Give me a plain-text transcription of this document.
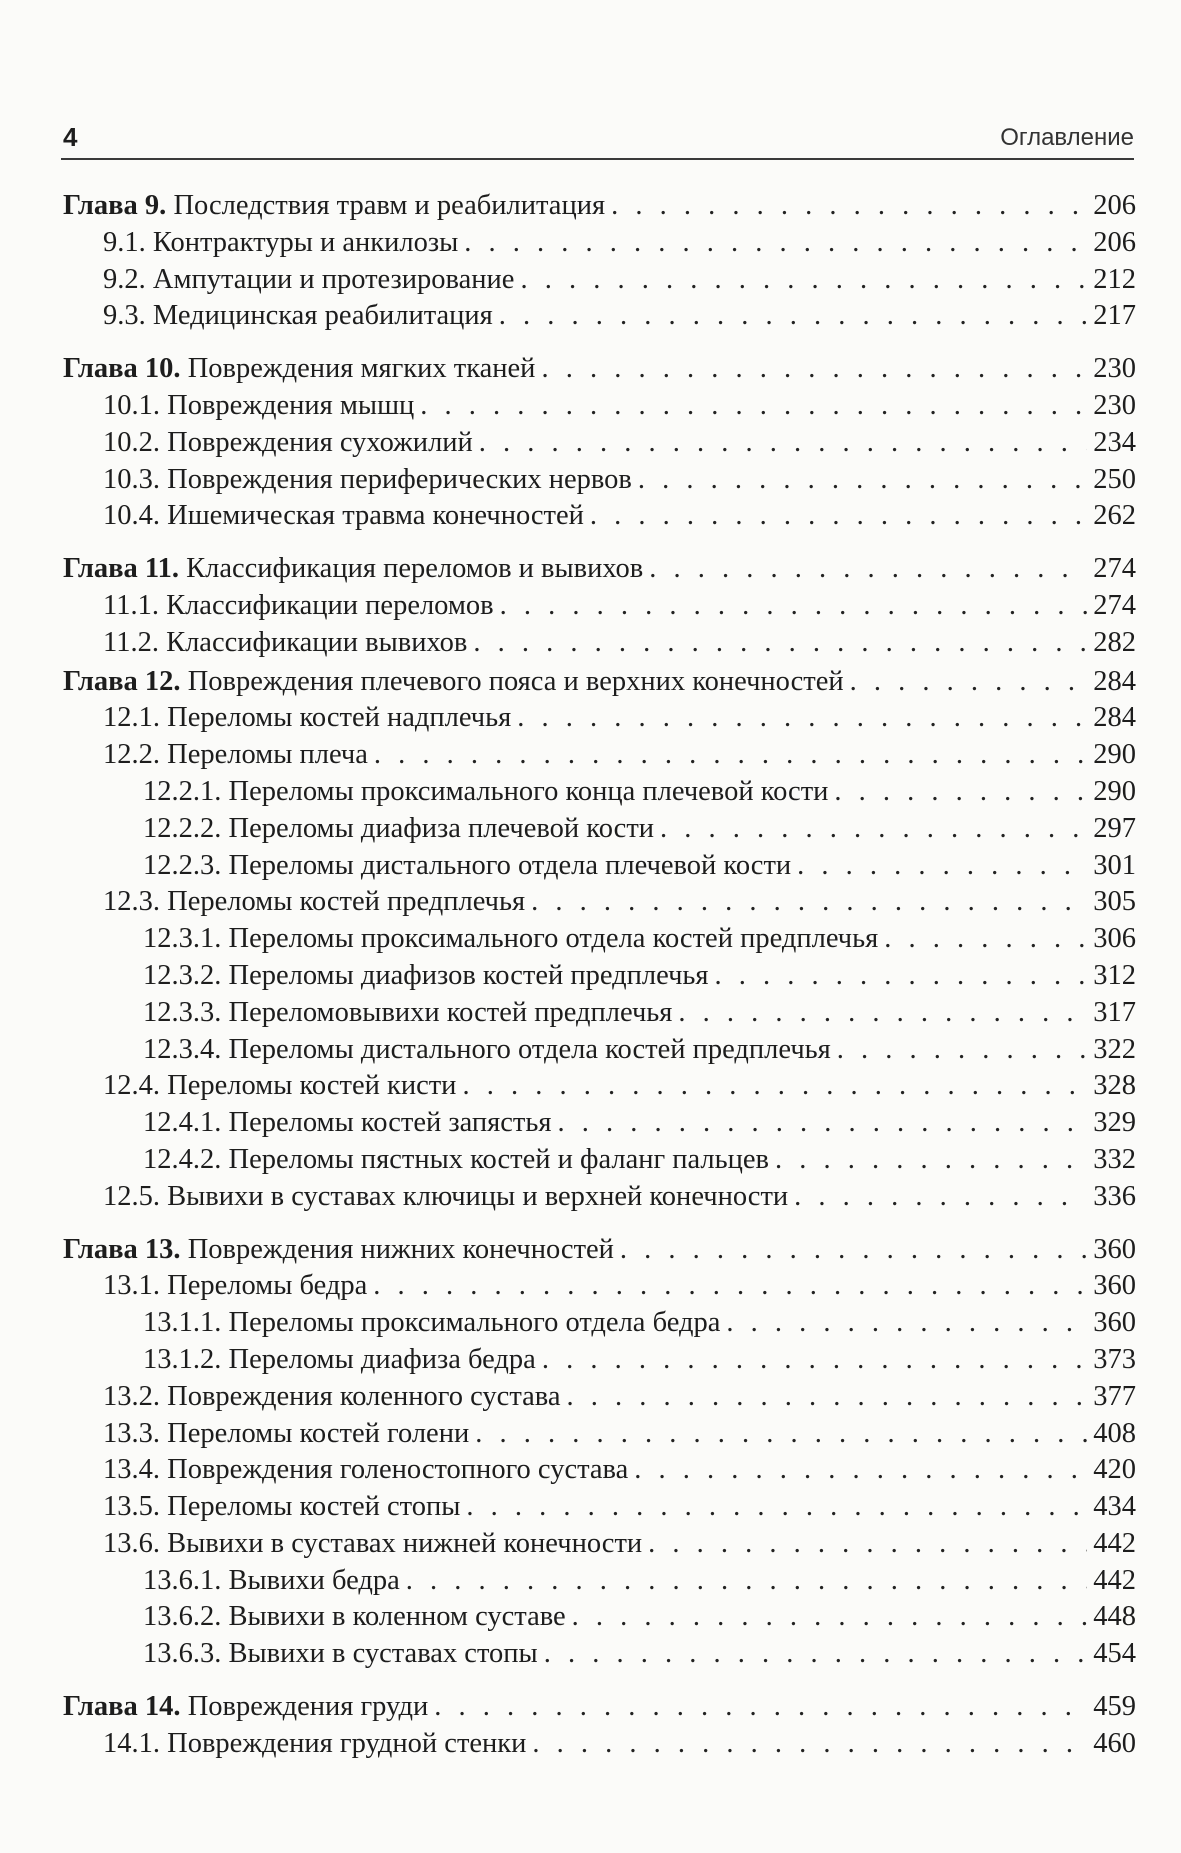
4	Оглавление
Глава 9. Последствия травм и реабилитация . . .	206
9.1. Контрактуры и анкилозы . . .	206
9.2. Ампутации и протезирование . . .	212
9.3. Медицинская реабилитация . . .	217
Глава 10. Повреждения мягких тканей . . .	230
10.1. Повреждения мышц . . .	230
10.2. Повреждения сухожилий . . .	234
10.3. Повреждения периферических нервов . . .	250
10.4. Ишемическая травма конечностей . . .	262
Глава 11. Классификация переломов и вывихов . . .	274
11.1. Классификации переломов . . .	274
11.2. Классификации вывихов . . .	282
Глава 12. Повреждения плечевого пояса и верхних конечностей . . .	284
12.1. Переломы костей надплечья . . .	284
12.2. Переломы плеча . . .	290
12.2.1. Переломы проксимального конца плечевой кости . . .	290
12.2.2. Переломы диафиза плечевой кости . . .	297
12.2.3. Переломы дистального отдела плечевой кости . . .	301
12.3. Переломы костей предплечья . . .	305
12.3.1. Переломы проксимального отдела костей предплечья . . .	306
12.3.2. Переломы диафизов костей предплечья . . .	312
12.3.3. Переломовывихи костей предплечья . . .	317
12.3.4. Переломы дистального отдела костей предплечья . . .	322
12.4. Переломы костей кисти . . .	328
12.4.1. Переломы костей запястья . . .	329
12.4.2. Переломы пястных костей и фаланг пальцев . . .	332
12.5. Вывихи в суставах ключицы и верхней конечности . . .	336
Глава 13. Повреждения нижних конечностей . . .	360
13.1. Переломы бедра . . .	360
13.1.1. Переломы проксимального отдела бедра . . .	360
13.1.2. Переломы диафиза бедра . . .	373
13.2. Повреждения коленного сустава . . .	377
13.3. Переломы костей голени . . .	408
13.4. Повреждения голеностопного сустава . . .	420
13.5. Переломы костей стопы . . .	434
13.6. Вывихи в суставах нижней конечности . . .	442
13.6.1. Вывихи бедра . . .	442
13.6.2. Вывихи в коленном суставе . . .	448
13.6.3. Вывихи в суставах стопы . . .	454
Глава 14. Повреждения груди . . .	459
14.1. Повреждения грудной стенки . . .	460
